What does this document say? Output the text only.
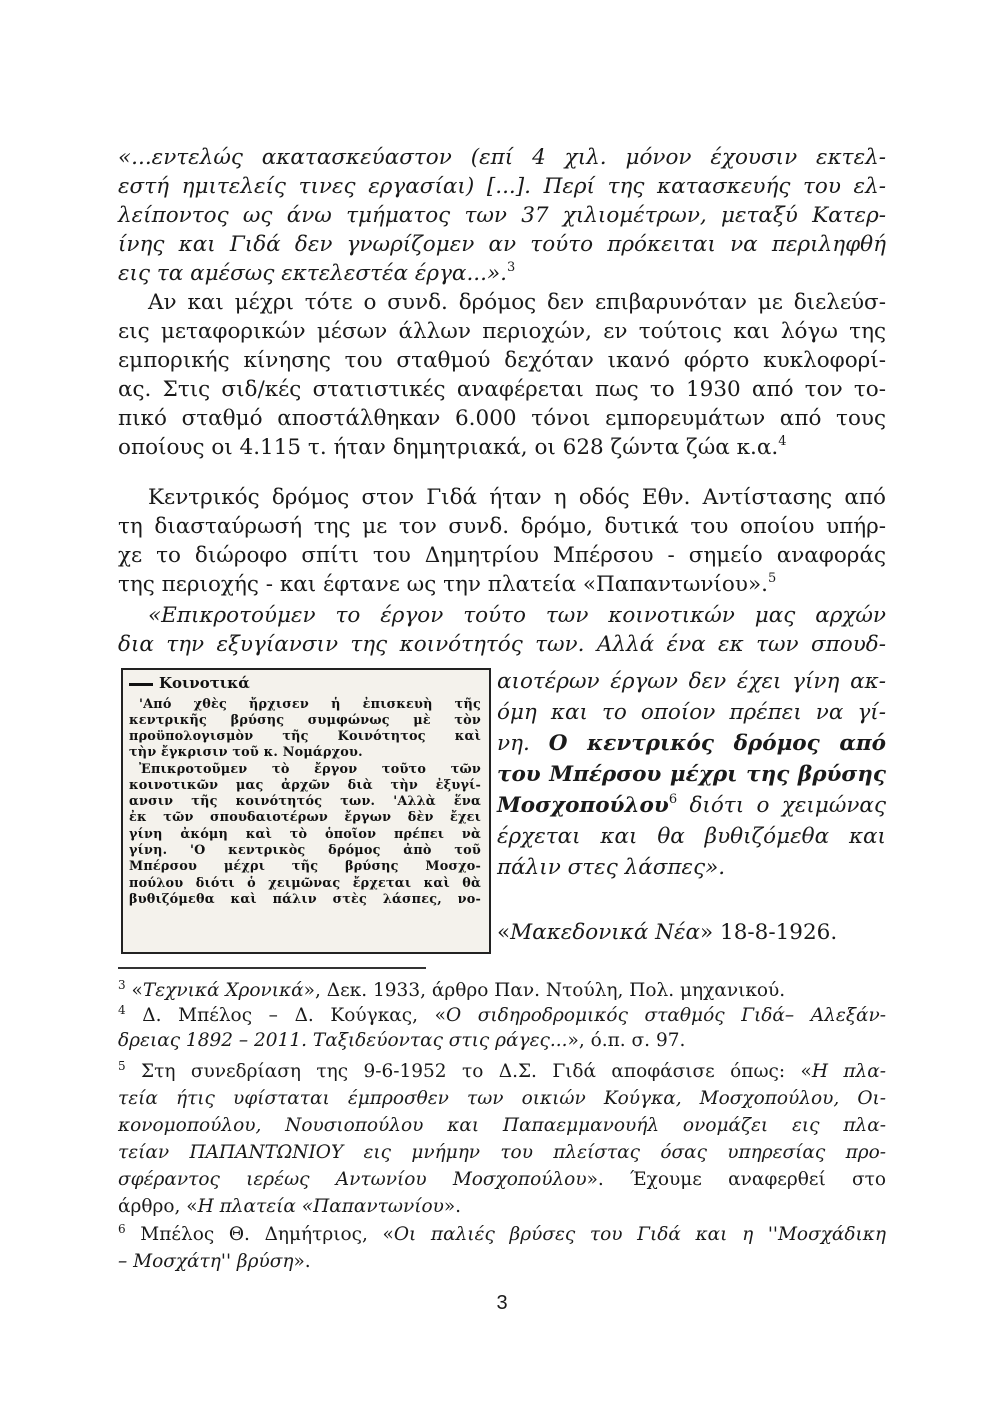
«...εντελώς ακατασκεύαστον (επί 4 χιλ. μόνον έχουσιν εκτελ-
εστή ημιτελείς τινες εργασίαι) [...]. Περί της κατασκευής του ελ-
λείποντος ως άνω τμήματος των 37 χιλιομέτρων, μεταξύ Κατερ-
ίνης και Γιδά δεν γνωρίζομεν αν τούτο πρόκειται να περιληφθή
εις τα αμέσως εκτελεστέα έργα...».$^3$
Αν και μέχρι τότε ο συνδ. δρόμος δεν επιβαρυνόταν με διελεύσ-
εις μεταφορικών μέσων άλλων περιοχών, εν τούτοις και λόγω της
εμπορικής κίνησης του σταθμού δεχόταν ικανό φόρτο κυκλοφορί-
ας. Στις σιδ/κές στατιστικές αναφέρεται πως το 1930 από τον το-
πικό σταθμό αποστάλθηκαν 6.000 τόνοι εμπορευμάτων από τους
οποίους οι 4.115 τ. ήταν δημητριακά, οι 628 ζώντα ζώα κ.α.$^4$
Κεντρικός δρόμος στον Γιδά ήταν η οδός Εθν. Αντίστασης από
τη διασταύρωσή της με τον συνδ. δρόμο, δυτικά του οποίου υπήρ-
χε το διώροφο σπίτι του Δημητρίου Μπέρσου - σημείο αναφοράς
της περιοχής - και έφτανε ως την πλατεία «Παπαντωνίου».$^5$
«Επικροτούμεν το έργον τούτο των κοινοτικών μας αρχών
δια την εξυγίανσιν της κοινότητός των. Αλλά ένα εκ των σπουδ-
Κοινοτικά
'Από χθὲς ἤρχισεν ἡ ἐπισκευὴ τῆς
κεντρικῆς βρύσης συμφώνως μὲ τὸν
προϋπολογισμὸν τῆς Κοινότητος καὶ
τὴν ἔγκρισιν τοῦ κ. Νομάρχου.
Ἐπικροτοῦμεν τὸ ἔργον τοῦτο τῶν
κοινοτικῶν μας ἀρχῶν διὰ τὴν ἐξυγί-
ανσιν τῆς κοινότητός των. 'Αλλὰ ἕνα
ἐκ τῶν σπουδαιοτέρων ἔργων δὲν ἔχει
γίνη ἀκόμη καὶ τὸ ὁποῖον πρέπει νὰ
γίνη. 'Ο κεντρικὸς δρόμος ἀπὸ τοῦ
Μπέρσου μέχρι τῆς βρύσης Μοσχο-
πούλου διότι ὁ χειμῶνας ἔρχεται καὶ θὰ
βυθιζόμεθα καὶ πάλιν στὲς λάσπες, νο-
αιοτέρων έργων δεν έχει γίνη ακ-
όμη και το οποίον πρέπει να γί-
νη. Ο κεντρικός δρόμος από
του Μπέρσου μέχρι της βρύσης
Μοσχοπούλου$^6$ διότι ο χειμώνας
έρχεται και θα βυθιζόμεθα και
πάλιν στες λάσπες».
«Μακεδονικά Νέα» 18-8-1926.
$^3$ «Τεχνικά Χρονικά», Δεκ. 1933, άρθρο Παν. Ντούλη, Πολ. μηχανικού.
$^4$ Δ. Μπέλος – Δ. Κούγκας, «Ο σιδηροδρομικός σταθμός Γιδά– Αλεξάν-
δρειας 1892 – 2011. Ταξιδεύοντας στις ράγες...», ό.π. σ. 97.
$^5$ Στη συνεδρίαση της 9-6-1952 το Δ.Σ. Γιδά αποφάσισε όπως: «Η πλα-
τεία ήτις υφίσταται έμπροσθεν των οικιών Κούγκα, Μοσχοπούλου, Οι-
κονομοπούλου, Νουσιοπούλου και Παπαεμμανουήλ ονομάζει εις πλα-
τείαν ΠΑΠΑΝΤΩΝΙΟΥ εις μνήμην του πλείστας όσας υπηρεσίας προ-
σφέραντος ιερέως Αντωνίου Μοσχοπούλου». Έχουμε αναφερθεί στο
άρθρο, «Η πλατεία «Παπαντωνίου».
$^6$ Μπέλος Θ. Δημήτριος, «Οι παλιές βρύσες του Γιδά και η ''Μοσχάδικη
– Μοσχάτη'' βρύση».
3
